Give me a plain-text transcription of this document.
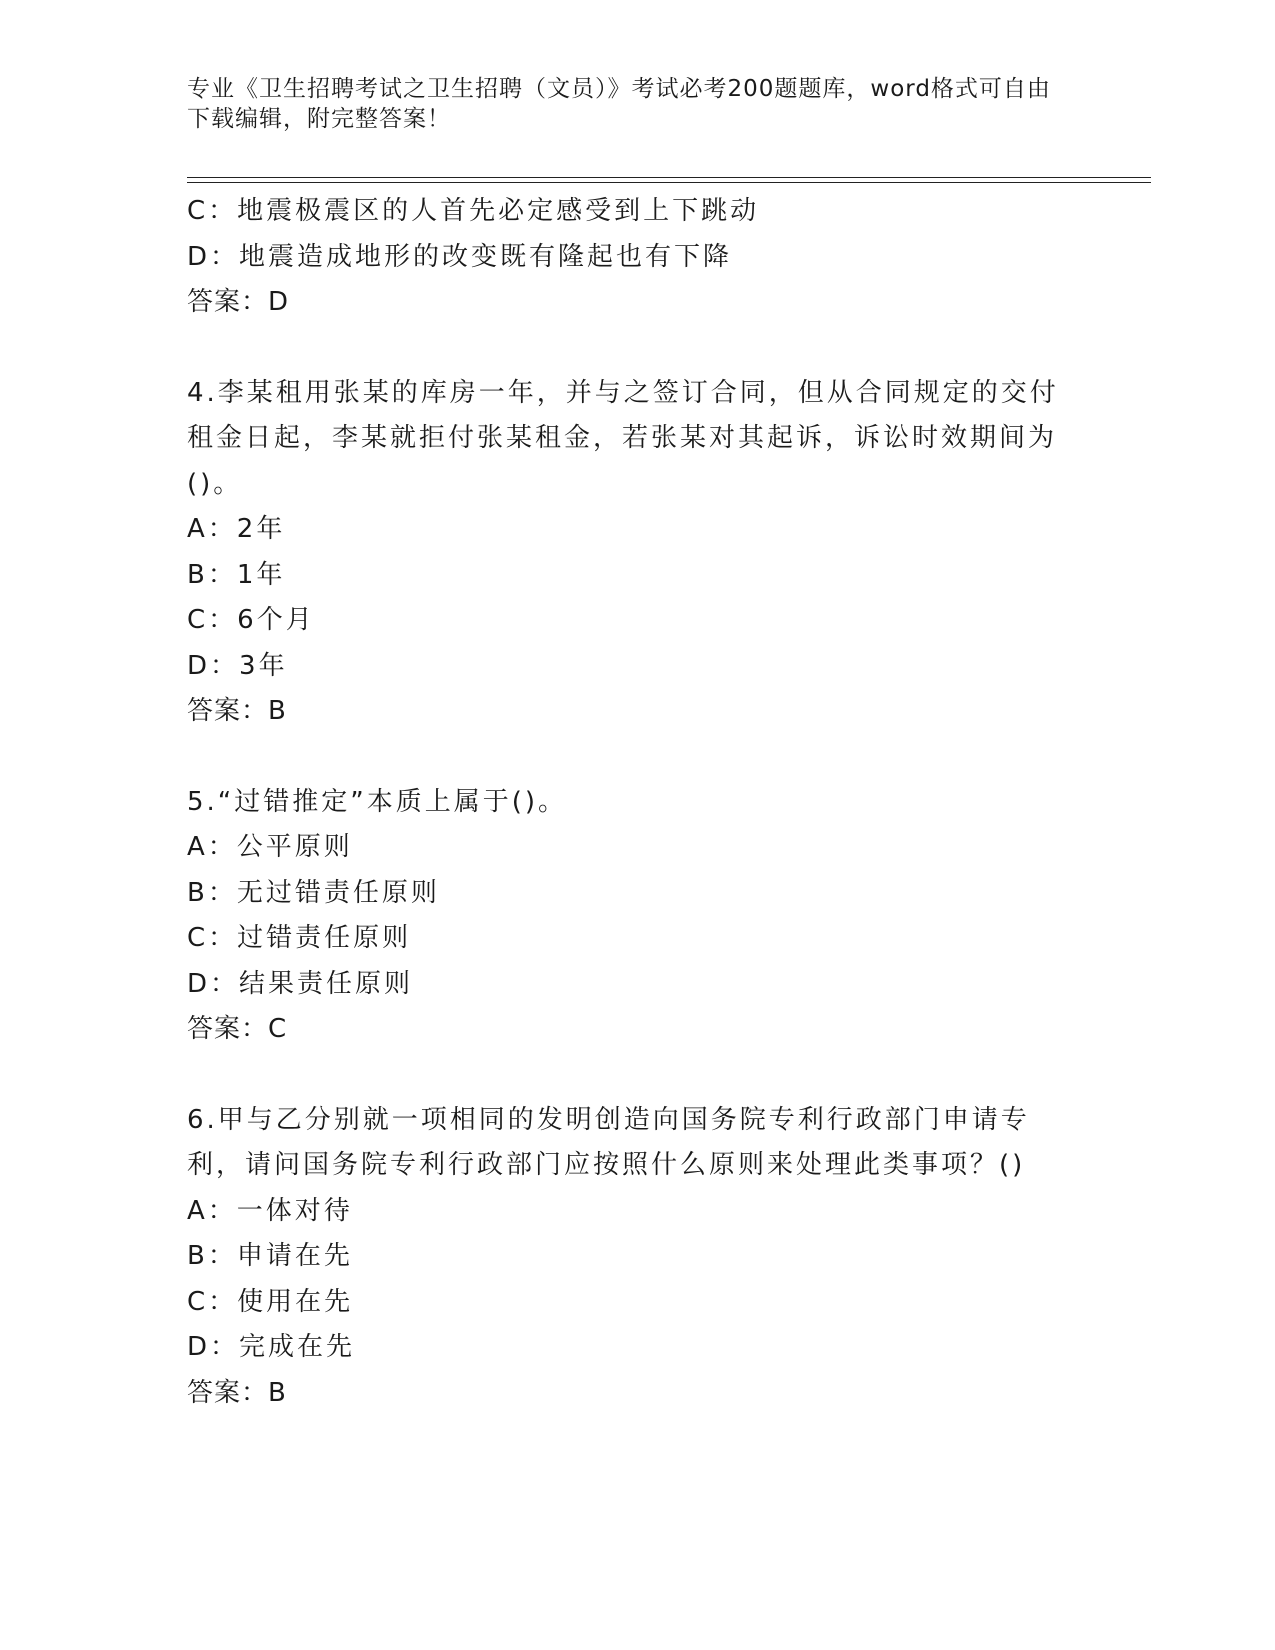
专业《卫生招聘考试之卫生招聘（文员）》考试必考200题题库，word格式可自由下载编辑，附完整答案！
C：地震极震区的人首先必定感受到上下跳动
D：地震造成地形的改变既有隆起也有下降
答案：D
4.李某租用张某的库房一年，并与之签订合同，但从合同规定的交付租金日起，李某就拒付张某租金，若张某对其起诉，诉讼时效期间为()。
A：2年
B：1年
C：6个月
D：3年
答案：B
5.“过错推定”本质上属于()。
A：公平原则
B：无过错责任原则
C：过错责任原则
D：结果责任原则
答案：C
6.甲与乙分别就一项相同的发明创造向国务院专利行政部门申请专利，请问国务院专利行政部门应按照什么原则来处理此类事项？()
A：一体对待
B：申请在先
C：使用在先
D：完成在先
答案：B
